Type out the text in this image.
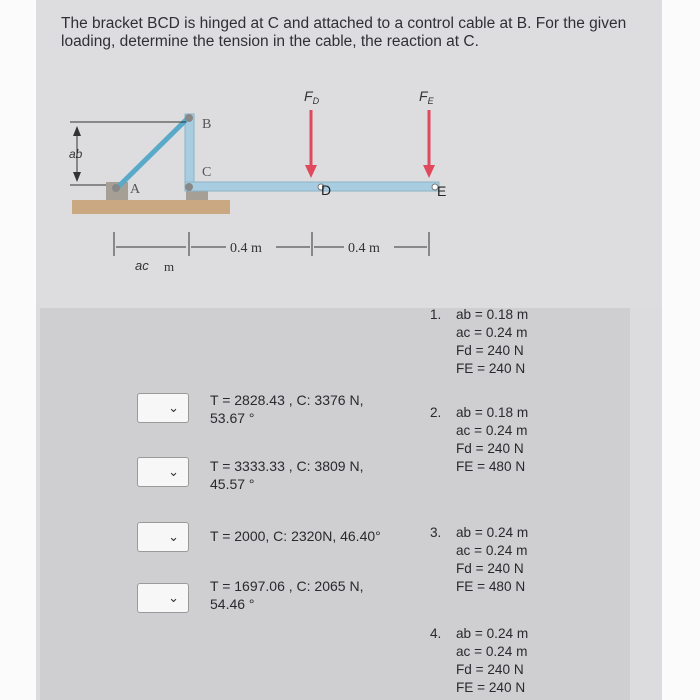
The bracket BCD is hinged at C and attached to a control cable at B. For the given loading, determine the tension in the cable, the reaction at C.

ab
B
C
A	D	E
$F_D$	$F_E$
0.4 m	0.4 m
ac m
⌄
⌄
⌄
⌄
T = 2828.43 , C: 3376 N,
53.67 °
T = 3333.33 , C: 3809 N,
45.57 °
T = 2000, C: 2320N, 46.40°
T = 1697.06 , C: 2065 N,
54.46 °
1. ab = 0.18 m
ac = 0.24 m
Fd = 240 N
FE = 240 N
2. ab = 0.18 m
ac = 0.24 m
Fd = 240 N
FE = 480 N
3. ab = 0.24 m
ac = 0.24 m
Fd = 240 N
FE = 480 N
4. ab = 0.24 m
ac = 0.24 m
Fd = 240 N
FE = 240 N
